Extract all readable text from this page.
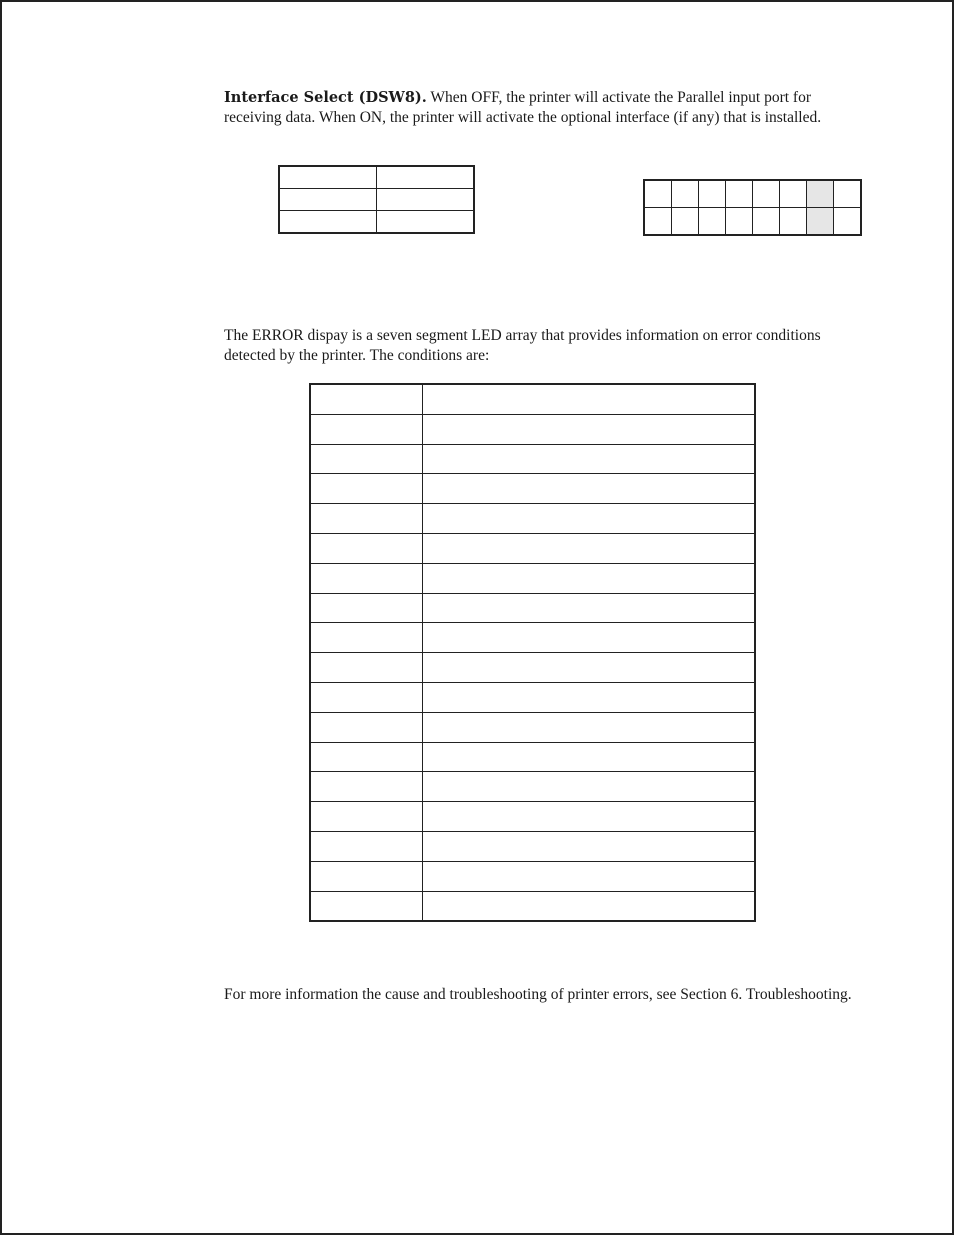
Interface Select (DSW8). When OFF, the printer will activate the Parallel input port for receiving data. When ON, the printer will activate the optional interface (if any) that is installed.

The ERROR dispay is a seven segment LED array that provides information on error conditions detected by the printer. The conditions are:

For more information the cause and troubleshooting of printer errors, see Section 6. Troubleshooting.
